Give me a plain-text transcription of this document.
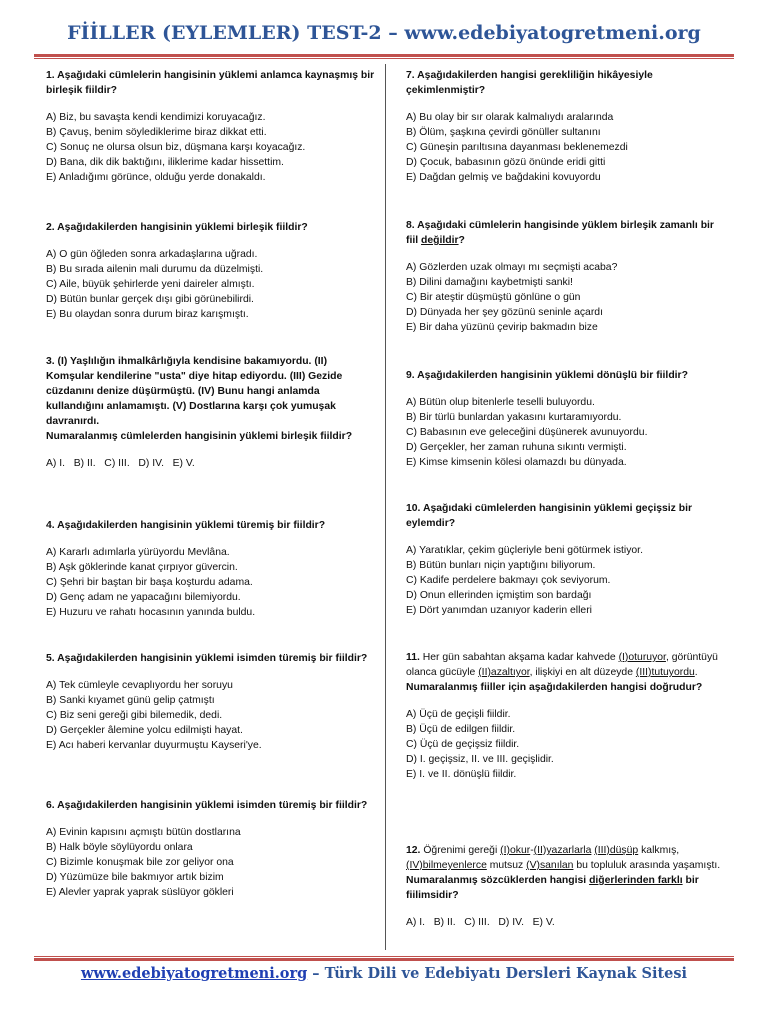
FİİLLER (EYLEMLER) TEST-2 – www.edebiyatogretmeni.org

1. Aşağıdaki cümlelerin hangisinin yüklemi anlamca kaynaşmış bir birleşik fiildir?

A) Biz, bu savaşta kendi kendimizi koruyacağız.
B) Çavuş, benim söylediklerime biraz dikkat etti.
C) Sonuç ne olursa olsun biz, düşmana karşı koyacağız.
D) Bana, dik dik baktığını, iliklerime kadar hissettim.
E) Anladığımı görünce, olduğu yerde donakaldı.

2. Aşağıdakilerden hangisinin yüklemi birleşik fiildir?

A) O gün öğleden sonra arkadaşlarına uğradı.
B) Bu sırada ailenin mali durumu da düzelmişti.
C) Aile, büyük şehirlerde yeni daireler almıştı.
D) Bütün bunlar gerçek dışı gibi görünebilirdi.
E) Bu olaydan sonra durum biraz karışmıştı.

3. (I) Yaşlılığın ihmalkârlığıyla kendisine bakamıyordu. (II) Komşular kendilerine "usta" diye hitap ediyordu. (III) Gezide cüzdanını denize düşürmüştü. (IV) Bunu hangi anlamda kullandığını anlamamıştı. (V) Dostlarına karşı çok yumuşak davranırdı.

Numaralanmış cümlelerden hangisinin yüklemi birleşik fiildir?

A) I.   B) II.   C) III.   D) IV.   E) V.

4. Aşağıdakilerden hangisinin yüklemi türemiş bir fiildir?

A) Kararlı adımlarla yürüyordu Mevlâna.
B) Aşk göklerinde kanat çırpıyor güvercin.
C) Şehri bir baştan bir başa koşturdu adama.
D) Genç adam ne yapacağını bilemiyordu.
E) Huzuru ve rahatı hocasının yanında buldu.

5. Aşağıdakilerden hangisinin yüklemi isimden türemiş bir fiildir?

A) Tek cümleyle cevaplıyordu her soruyu
B) Sanki kıyamet günü gelip çatmıştı
C) Biz seni gereği gibi bilemedik, dedi.
D) Gerçekler âlemine yolcu edilmişti hayat.
E) Acı haberi kervanlar duyurmuştu Kayseri'ye.

6. Aşağıdakilerden hangisinin yüklemi isimden türemiş bir fiildir?

A) Evinin kapısını açmıştı bütün dostlarına
B) Halk böyle söylüyordu onlara
C) Bizimle konuşmak bile zor geliyor ona
D) Yüzümüze bile bakmıyor artık bizim
E) Alevler yaprak yaprak süslüyor gökleri

7. Aşağıdakilerden hangisi gerekliliğin hikâyesiyle çekimlenmiştir?

A) Bu olay bir sır olarak kalmalıydı aralarında
B) Ölüm, şaşkına çevirdi gönüller sultanını
C) Güneşin parıltısına dayanması beklenemezdi
D) Çocuk, babasının gözü önünde eridi gitti
E) Dağdan gelmiş ve bağdakini kovuyordu

8. Aşağıdaki cümlelerin hangisinde yüklem birleşik zamanlı bir fiil değildir?

A) Gözlerden uzak olmayı mı seçmişti acaba?
B) Dilini damağını kaybetmişti sanki!
C) Bir ateştir düşmüştü gönlüne o gün
D) Dünyada her şey gözünü seninle açardı
E) Bir daha yüzünü çevirip bakmadın bize

9. Aşağıdakilerden hangisinin yüklemi dönüşlü bir fiildir?

A) Bütün olup bitenlerle teselli buluyordu.
B) Bir türlü bunlardan yakasını kurtaramıyordu.
C) Babasının eve geleceğini düşünerek avunuyordu.
D) Gerçekler, her zaman ruhuna sıkıntı vermişti.
E) Kimse kimsenin kölesi olamazdı bu dünyada.

10. Aşağıdaki cümlelerden hangisinin yüklemi geçişsiz bir eylemdir?

A) Yaratıklar, çekim güçleriyle beni götürmek istiyor.
B) Bütün bunları niçin yaptığını biliyorum.
C) Kadife perdelere bakmayı çok seviyorum.
D) Onun ellerinden içmiştim son bardağı
E) Dört yanımdan uzanıyor kaderin elleri

11. Her gün sabahtan akşama kadar kahvede (I)oturuyor, görüntüyü olanca gücüyle (II)azaltıyor, ilişkiyi en alt düzeyde (III)tutuyordu.

Numaralanmış fiiller için aşağıdakilerden hangisi doğrudur?

A) Üçü de geçişli fiildir.
B) Üçü de edilgen fiildir.
C) Üçü de geçişsiz fiildir.
D) I. geçişsiz, II. ve III. geçişlidir.
E) I. ve II. dönüşlü fiildir.

12. Öğrenimi gereği (I)okur-(II)yazarlarla (III)düşüp kalkmış, (IV)bilmeyenlerce mutsuz (V)sanılan bu topluluk arasında yaşamıştı.

Numaralanmış sözcüklerden hangisi diğerlerinden farklı bir fiilimsidir?

A) I.   B) II.   C) III.   D) IV.   E) V.
www.edebiyatogretmeni.org – Türk Dili ve Edebiyatı Dersleri Kaynak Sitesi
